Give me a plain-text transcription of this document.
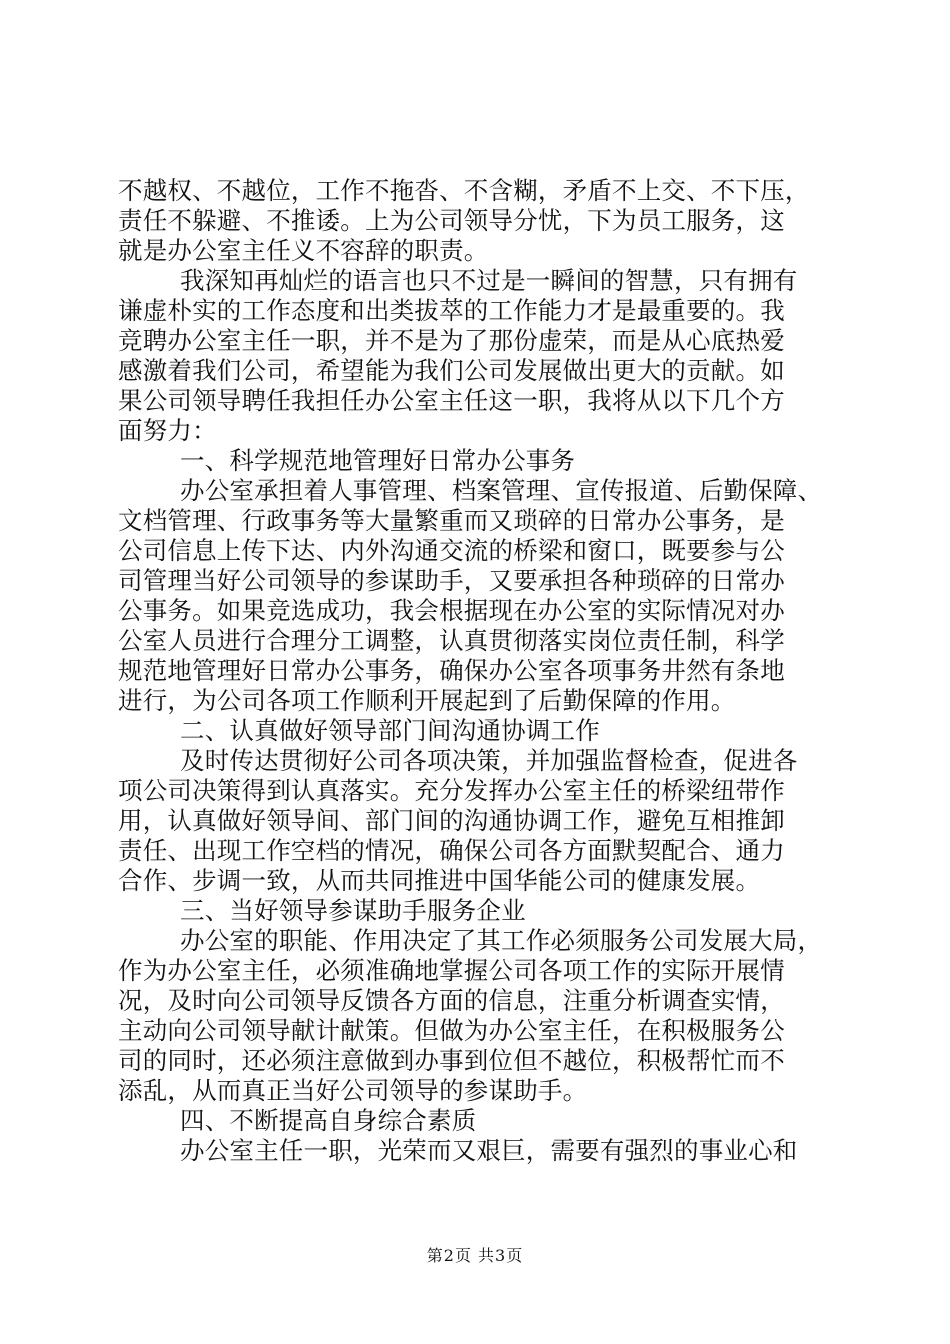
不越权、不越位，工作不拖沓、不含糊，矛盾不上交、不下压，
责任不躲避、不推诿。上为公司领导分忧，下为员工服务，这
就是办公室主任义不容辞的职责。
我深知再灿烂的语言也只不过是一瞬间的智慧，只有拥有
谦虚朴实的工作态度和出类拔萃的工作能力才是最重要的。我
竞聘办公室主任一职，并不是为了那份虚荣，而是从心底热爱
感激着我们公司，希望能为我们公司发展做出更大的贡献。如
果公司领导聘任我担任办公室主任这一职，我将从以下几个方
面努力：
一、科学规范地管理好日常办公事务
办公室承担着人事管理、档案管理、宣传报道、后勤保障、
文档管理、行政事务等大量繁重而又琐碎的日常办公事务，是
公司信息上传下达、内外沟通交流的桥梁和窗口，既要参与公
司管理当好公司领导的参谋助手，又要承担各种琐碎的日常办
公事务。如果竞选成功，我会根据现在办公室的实际情况对办
公室人员进行合理分工调整，认真贯彻落实岗位责任制，科学
规范地管理好日常办公事务，确保办公室各项事务井然有条地
进行，为公司各项工作顺利开展起到了后勤保障的作用。
二、认真做好领导部门间沟通协调工作
及时传达贯彻好公司各项决策，并加强监督检查，促进各
项公司决策得到认真落实。充分发挥办公室主任的桥梁纽带作
用，认真做好领导间、部门间的沟通协调工作，避免互相推卸
责任、出现工作空档的情况，确保公司各方面默契配合、通力
合作、步调一致，从而共同推进中国华能公司的健康发展。
三、当好领导参谋助手服务企业
办公室的职能、作用决定了其工作必须服务公司发展大局，
作为办公室主任，必须准确地掌握公司各项工作的实际开展情
况，及时向公司领导反馈各方面的信息，注重分析调查实情，
主动向公司领导献计献策。但做为办公室主任，在积极服务公
司的同时，还必须注意做到办事到位但不越位，积极帮忙而不
添乱，从而真正当好公司领导的参谋助手。
四、不断提高自身综合素质
办公室主任一职，光荣而又艰巨，需要有强烈的事业心和
第2页 共3页
